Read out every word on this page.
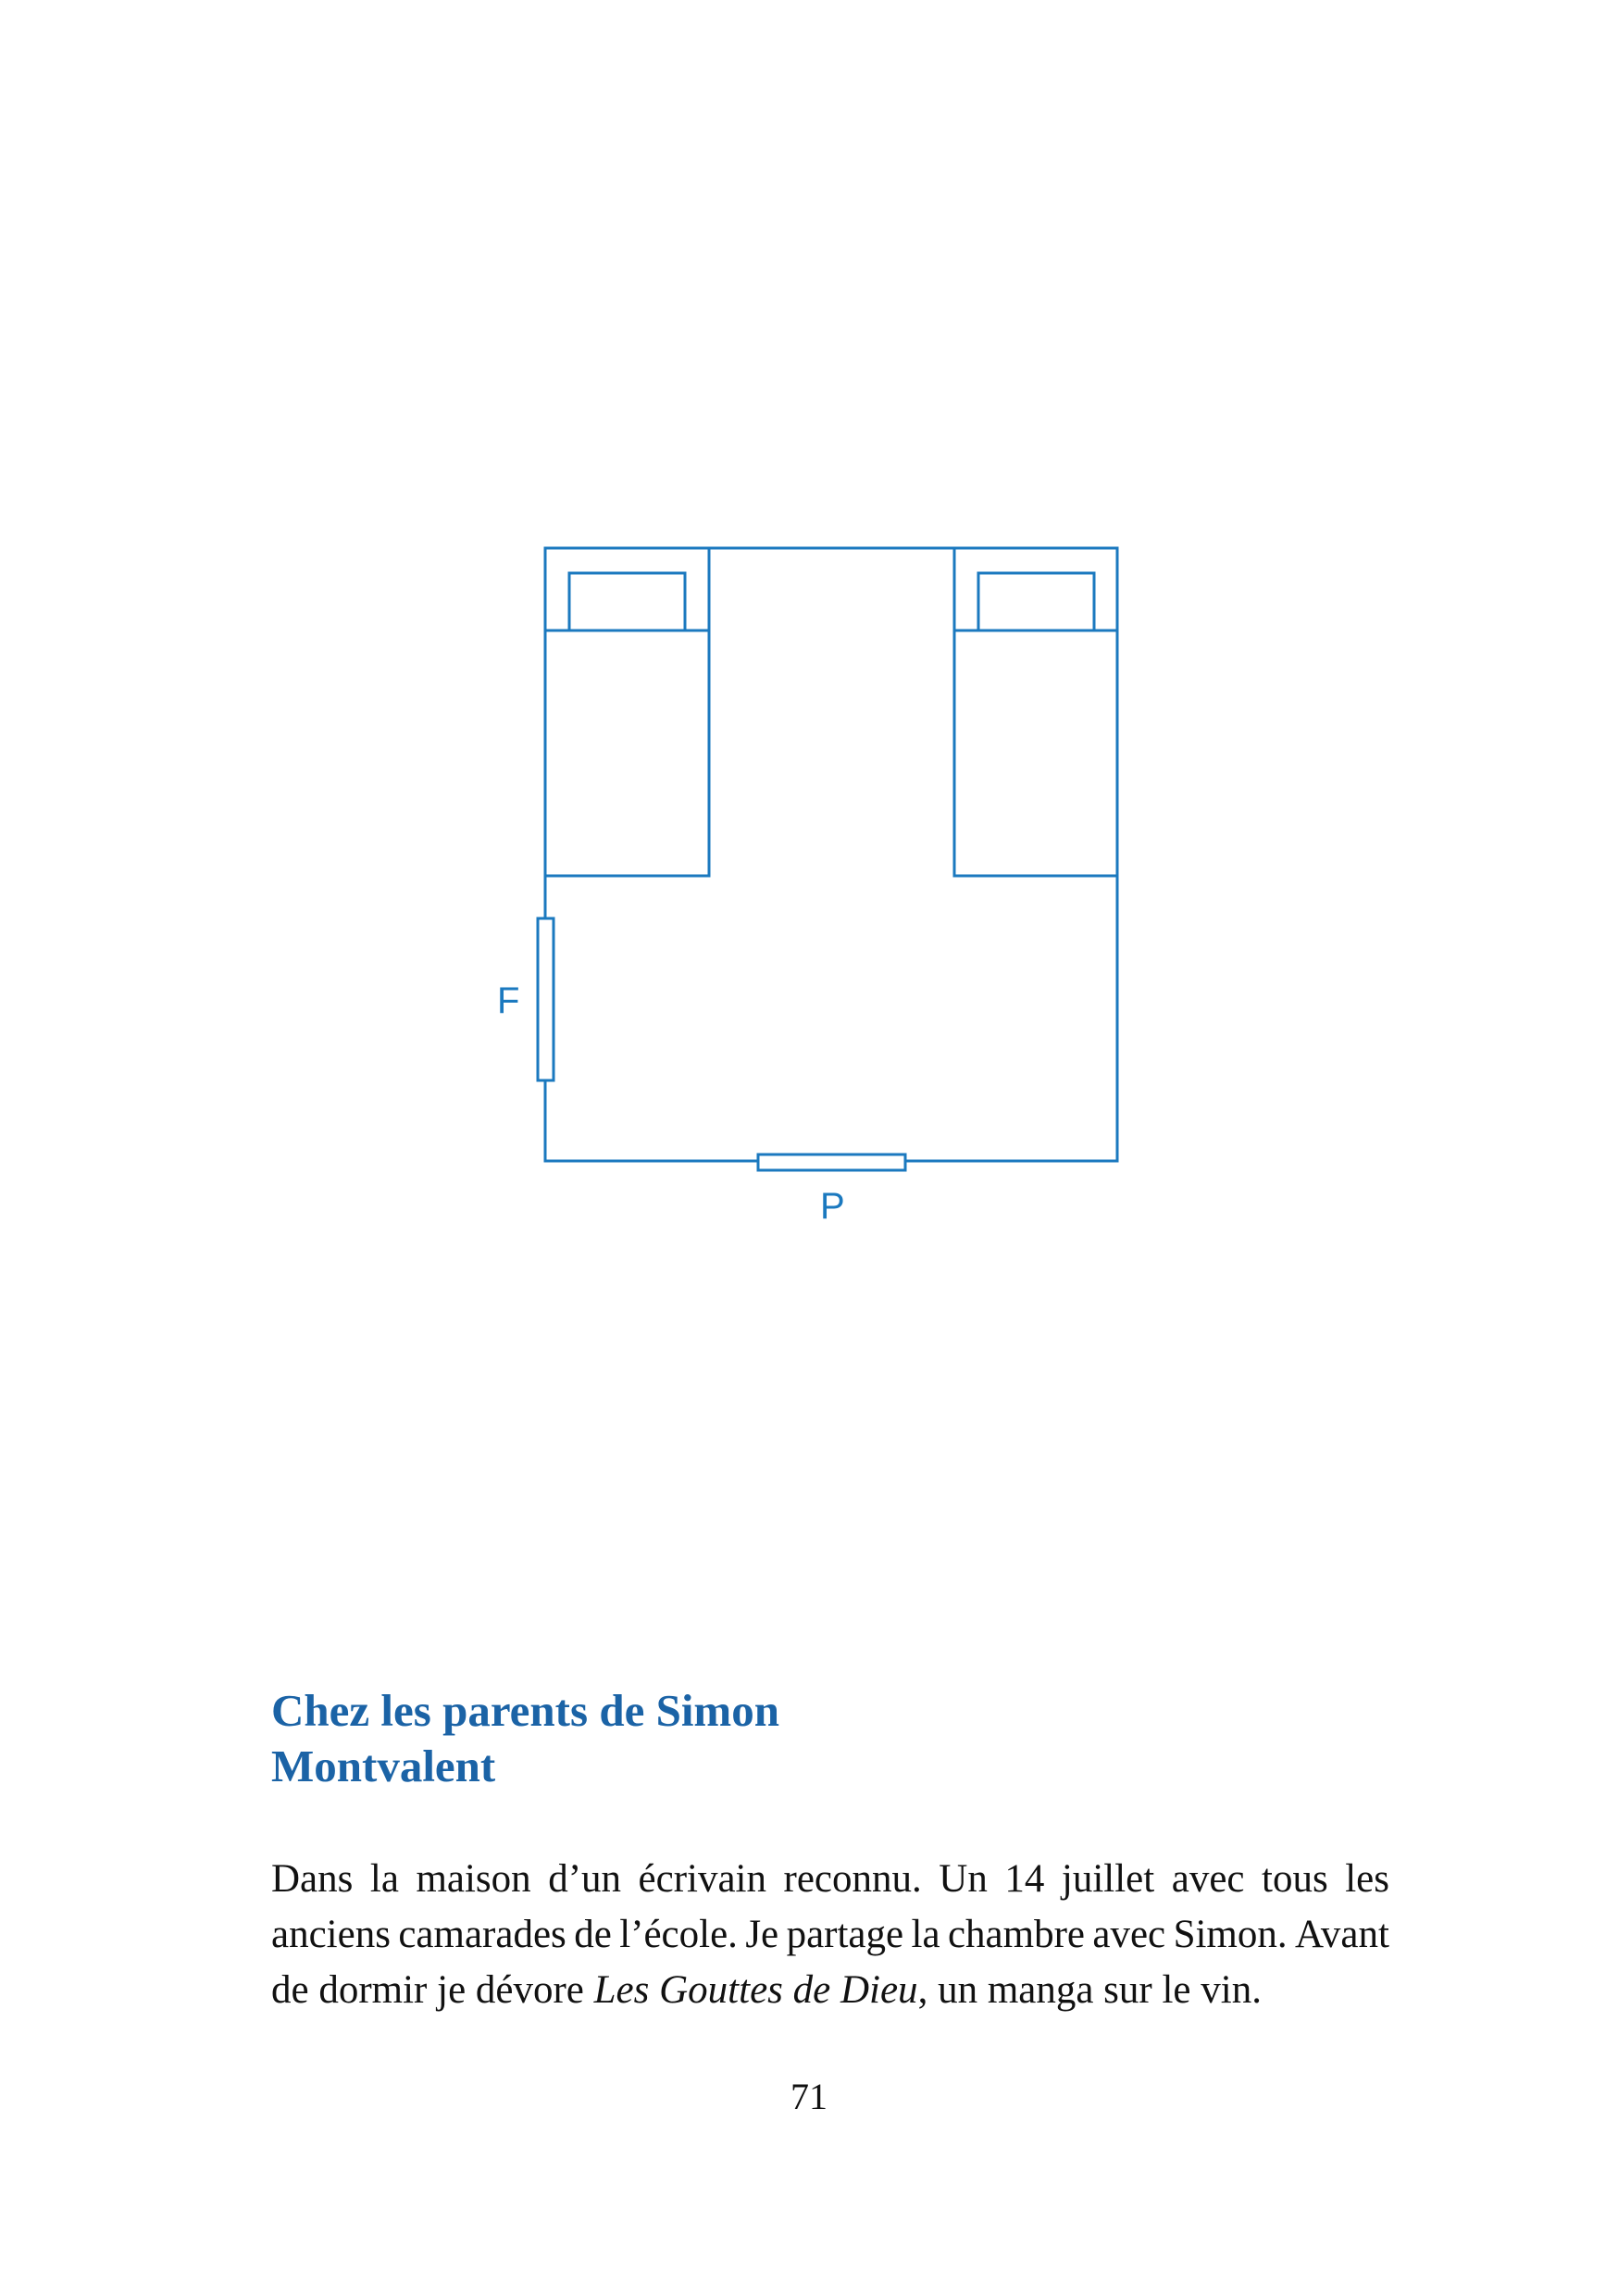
F
P
Chez les parents de Simon
Montvalent

Dans la maison d’un écrivain reconnu. Un 14 juillet avec tous les
anciens camarades de l’école. Je partage la chambre avec Simon. Avant
de dormir je dévore Les Gouttes de Dieu, un manga sur le vin.

71
